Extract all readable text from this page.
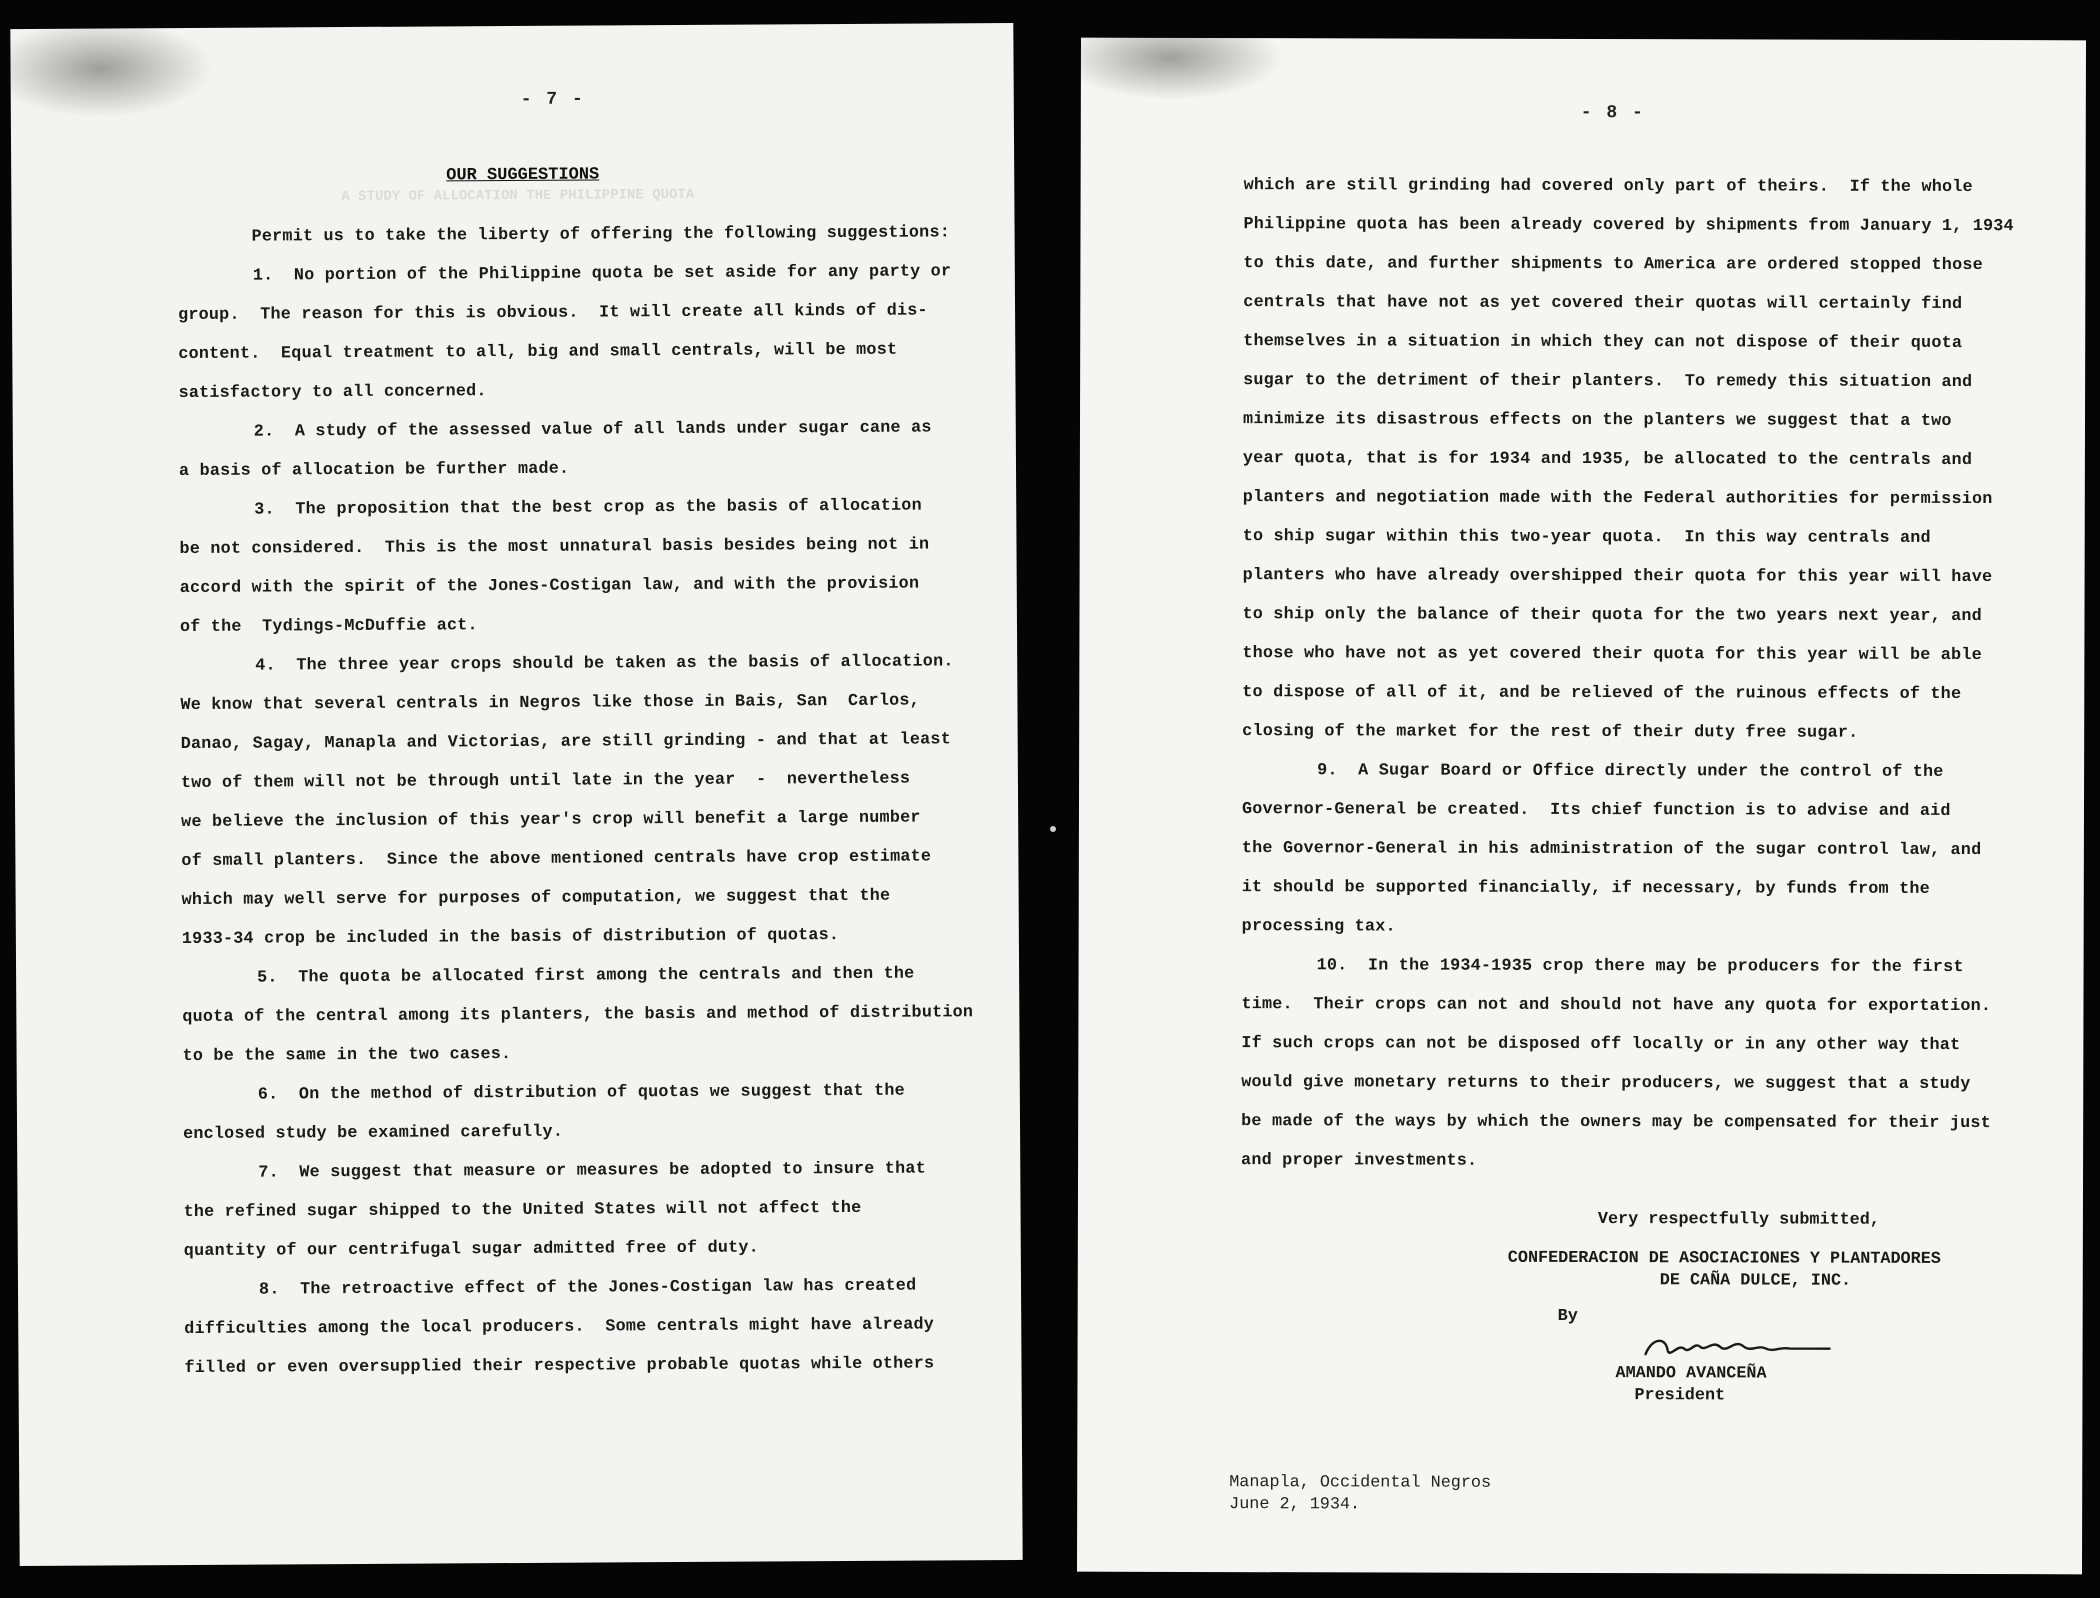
- 7 -
A STUDY OF ALLOCATION THE PHILIPPINE QUOTA
OUR SUGGESTIONS
Permit us to take the liberty of offering the following suggestions:
1.  No portion of the Philippine quota be set aside for any party or
group.  The reason for this is obvious.  It will create all kinds of dis-
content.  Equal treatment to all, big and small centrals, will be most
satisfactory to all concerned.
2.  A study of the assessed value of all lands under sugar cane as
a basis of allocation be further made.
3.  The proposition that the best crop as the basis of allocation
be not considered.  This is the most unnatural basis besides being not in
accord with the spirit of the Jones-Costigan law, and with the provision
of the  Tydings-McDuffie act.
4.  The three year crops should be taken as the basis of allocation.
We know that several centrals in Negros like those in Bais, San  Carlos,
Danao, Sagay, Manapla and Victorias, are still grinding - and that at least
two of them will not be through until late in the year  -  nevertheless
we believe the inclusion of this year's crop will benefit a large number
of small planters.  Since the above mentioned centrals have crop estimate
which may well serve for purposes of computation, we suggest that the
1933-34 crop be included in the basis of distribution of quotas.
5.  The quota be allocated first among the centrals and then the
quota of the central among its planters, the basis and method of distribution
to be the same in the two cases.
6.  On the method of distribution of quotas we suggest that the
enclosed study be examined carefully.
7.  We suggest that measure or measures be adopted to insure that
the refined sugar shipped to the United States will not affect the
quantity of our centrifugal sugar admitted free of duty.
8.  The retroactive effect of the Jones-Costigan law has created
difficulties among the local producers.  Some centrals might have already
filled or even oversupplied their respective probable quotas while others
- 8 -
which are still grinding had covered only part of theirs.  If the whole
Philippine quota has been already covered by shipments from January 1, 1934
to this date, and further shipments to America are ordered stopped those
centrals that have not as yet covered their quotas will certainly find
themselves in a situation in which they can not dispose of their quota
sugar to the detriment of their planters.  To remedy this situation and
minimize its disastrous effects on the planters we suggest that a two
year quota, that is for 1934 and 1935, be allocated to the centrals and
planters and negotiation made with the Federal authorities for permission
to ship sugar within this two-year quota.  In this way centrals and
planters who have already overshipped their quota for this year will have
to ship only the balance of their quota for the two years next year, and
those who have not as yet covered their quota for this year will be able
to dispose of all of it, and be relieved of the ruinous effects of the
closing of the market for the rest of their duty free sugar.
9.  A Sugar Board or Office directly under the control of the
Governor-General be created.  Its chief function is to advise and aid
the Governor-General in his administration of the sugar control law, and
it should be supported financially, if necessary, by funds from the
processing tax.
10.  In the 1934-1935 crop there may be producers for the first
time.  Their crops can not and should not have any quota for exportation.
If such crops can not be disposed off locally or in any other way that
would give monetary returns to their producers, we suggest that a study
be made of the ways by which the owners may be compensated for their just
and proper investments.
Very respectfully submitted,
CONFEDERACION DE ASOCIACIONES Y PLANTADORES
DE CAÑA DULCE, INC.
By
AMANDO AVANCEÑA
President
Manapla, Occidental Negros
June 2, 1934.
